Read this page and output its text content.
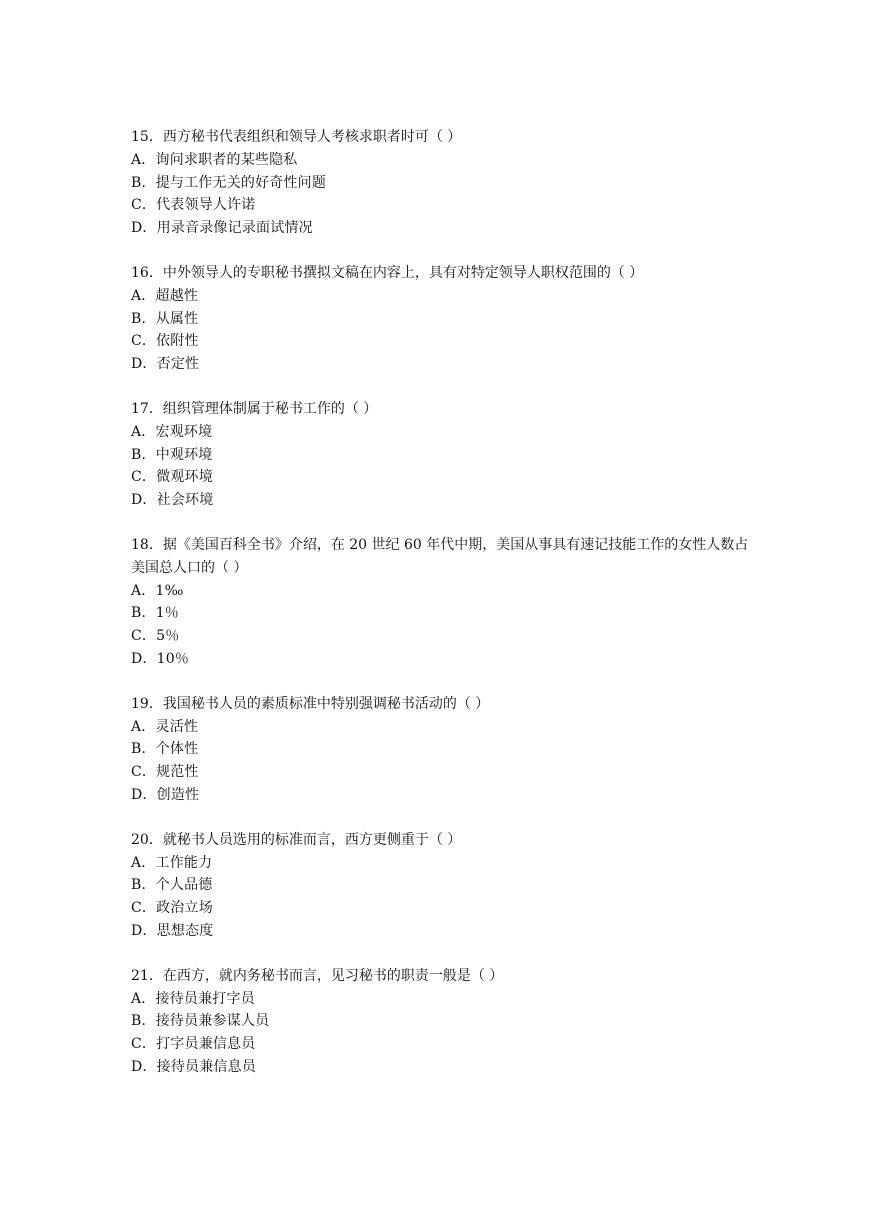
15．西方秘书代表组织和领导人考核求职者时可（ ）

A．询问求职者的某些隐私

B．提与工作无关的好奇性问题

C．代表领导人许诺

D．用录音录像记录面试情况

16．中外领导人的专职秘书撰拟文稿在内容上，具有对特定领导人职权范围的（ ）

A．超越性

B．从属性

C．依附性

D．否定性

17．组织管理体制属于秘书工作的（ ）

A．宏观环境

B．中观环境

C．微观环境

D．社会环境

18．据《美国百科全书》介绍，在 20 世纪 60 年代中期，美国从事具有速记技能工作的女性人数占美国总人口的（ ）

A．1‰

B．1％

C．5％

D．10％

19．我国秘书人员的素质标准中特别强调秘书活动的（ ）

A．灵活性

B．个体性

C．规范性

D．创造性

20．就秘书人员选用的标准而言，西方更侧重于（ ）

A．工作能力

B．个人品德

C．政治立场

D．思想态度

21．在西方，就内务秘书而言，见习秘书的职责一般是（ ）

A．接待员兼打字员

B．接待员兼参谋人员

C．打字员兼信息员

D．接待员兼信息员
